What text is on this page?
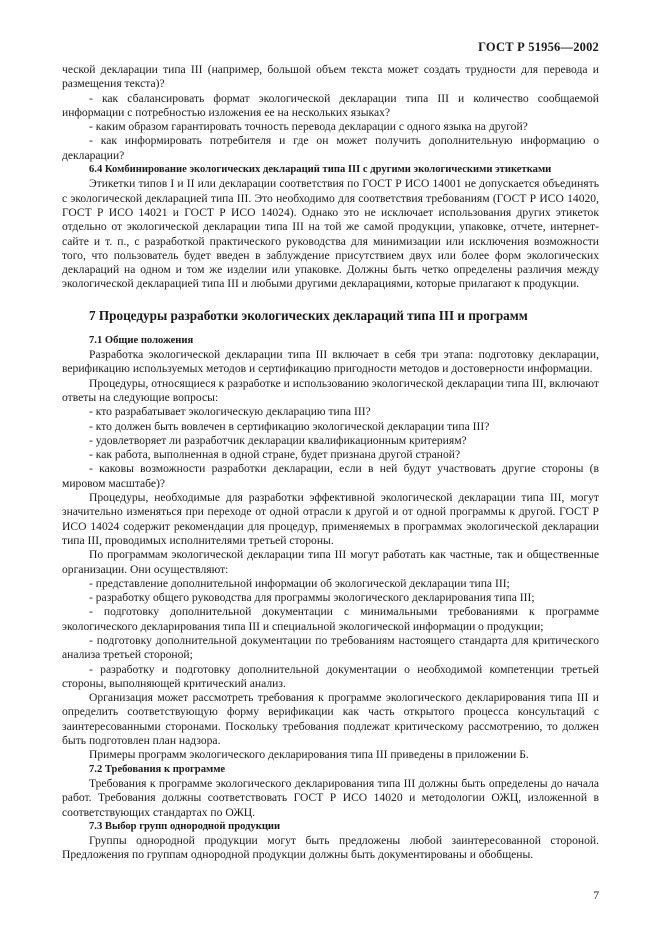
ГОСТ Р 51956—2002

ческой декларации типа III (например, большой объем текста может создать трудности для перевода и размещения текста)?

- как сбалансировать формат экологической декларации типа III и количество сообщаемой информации с потребностью изложения ее на нескольких языках?

- каким образом гарантировать точность перевода декларации с одного языка на другой?

- как информировать потребителя и где он может получить дополнительную информацию о декларации?

6.4 Комбинирование экологических деклараций типа III с другими экологическими этикетками

Этикетки типов I и II или декларации соответствия по ГОСТ Р ИСО 14001 не допускается объединять с экологической декларацией типа III. Это необходимо для соответствия требованиям (ГОСТ Р ИСО 14020, ГОСТ Р ИСО 14021 и ГОСТ Р ИСО 14024). Однако это не исключает использования других этикеток отдельно от экологической декларации типа III на той же самой продукции, упаковке, отчете, интернет-сайте и т. п., с разработкой практического руководства для минимизации или исключения возможности того, что пользователь будет введен в заблуждение присутствием двух или более форм экологических деклараций на одном и том же изделии или упаковке. Должны быть четко определены различия между экологической декларацией типа III и любыми другими декларациями, которые прилагают к продукции.

7 Процедуры разработки экологических деклараций типа III и программ

7.1 Общие положения

Разработка экологической декларации типа III включает в себя три этапа: подготовку декларации, верификацию используемых методов и сертификацию пригодности методов и достоверности информации.

Процедуры, относящиеся к разработке и использованию экологической декларации типа III, включают ответы на следующие вопросы:

- кто разрабатывает экологическую декларацию типа III?

- кто должен быть вовлечен в сертификацию экологической декларации типа III?

- удовлетворяет ли разработчик декларации квалификационным критериям?

- как работа, выполненная в одной стране, будет признана другой страной?

- каковы возможности разработки декларации, если в ней будут участвовать другие стороны (в мировом масштабе)?

Процедуры, необходимые для разработки эффективной экологической декларации типа III, могут значительно изменяться при переходе от одной отрасли к другой и от одной программы к другой. ГОСТ Р ИСО 14024 содержит рекомендации для процедур, применяемых в программах экологической декларации типа III, проводимых исполнителями третьей стороны.

По программам экологической декларации типа III могут работать как частные, так и общественные организации. Они осуществляют:

- представление дополнительной информации об экологической декларации типа III;

- разработку общего руководства для программы экологического декларирования типа III;

- подготовку дополнительной документации с минимальными требованиями к программе экологического декларирования типа III и специальной экологической информации о продукции;

- подготовку дополнительной документации по требованиям настоящего стандарта для критического анализа третьей стороной;

- разработку и подготовку дополнительной документации о необходимой компетенции третьей стороны, выполняющей критический анализ.

Организация может рассмотреть требования к программе экологического декларирования типа III и определить соответствующую форму верификации как часть открытого процесса консультаций с заинтересованными сторонами. Поскольку требования подлежат критическому рассмотрению, то должен быть подготовлен план надзора.

Примеры программ экологического декларирования типа III приведены в приложении Б.

7.2 Требования к программе

Требования к программе экологического декларирования типа III должны быть определены до начала работ. Требования должны соответствовать ГОСТ Р ИСО 14020 и методологии ОЖЦ, изложенной в соответствующих стандартах по ОЖЦ.

7.3 Выбор групп однородной продукции

Группы однородной продукции могут быть предложены любой заинтересованной стороной. Предложения по группам однородной продукции должны быть документированы и обобщены.

7
